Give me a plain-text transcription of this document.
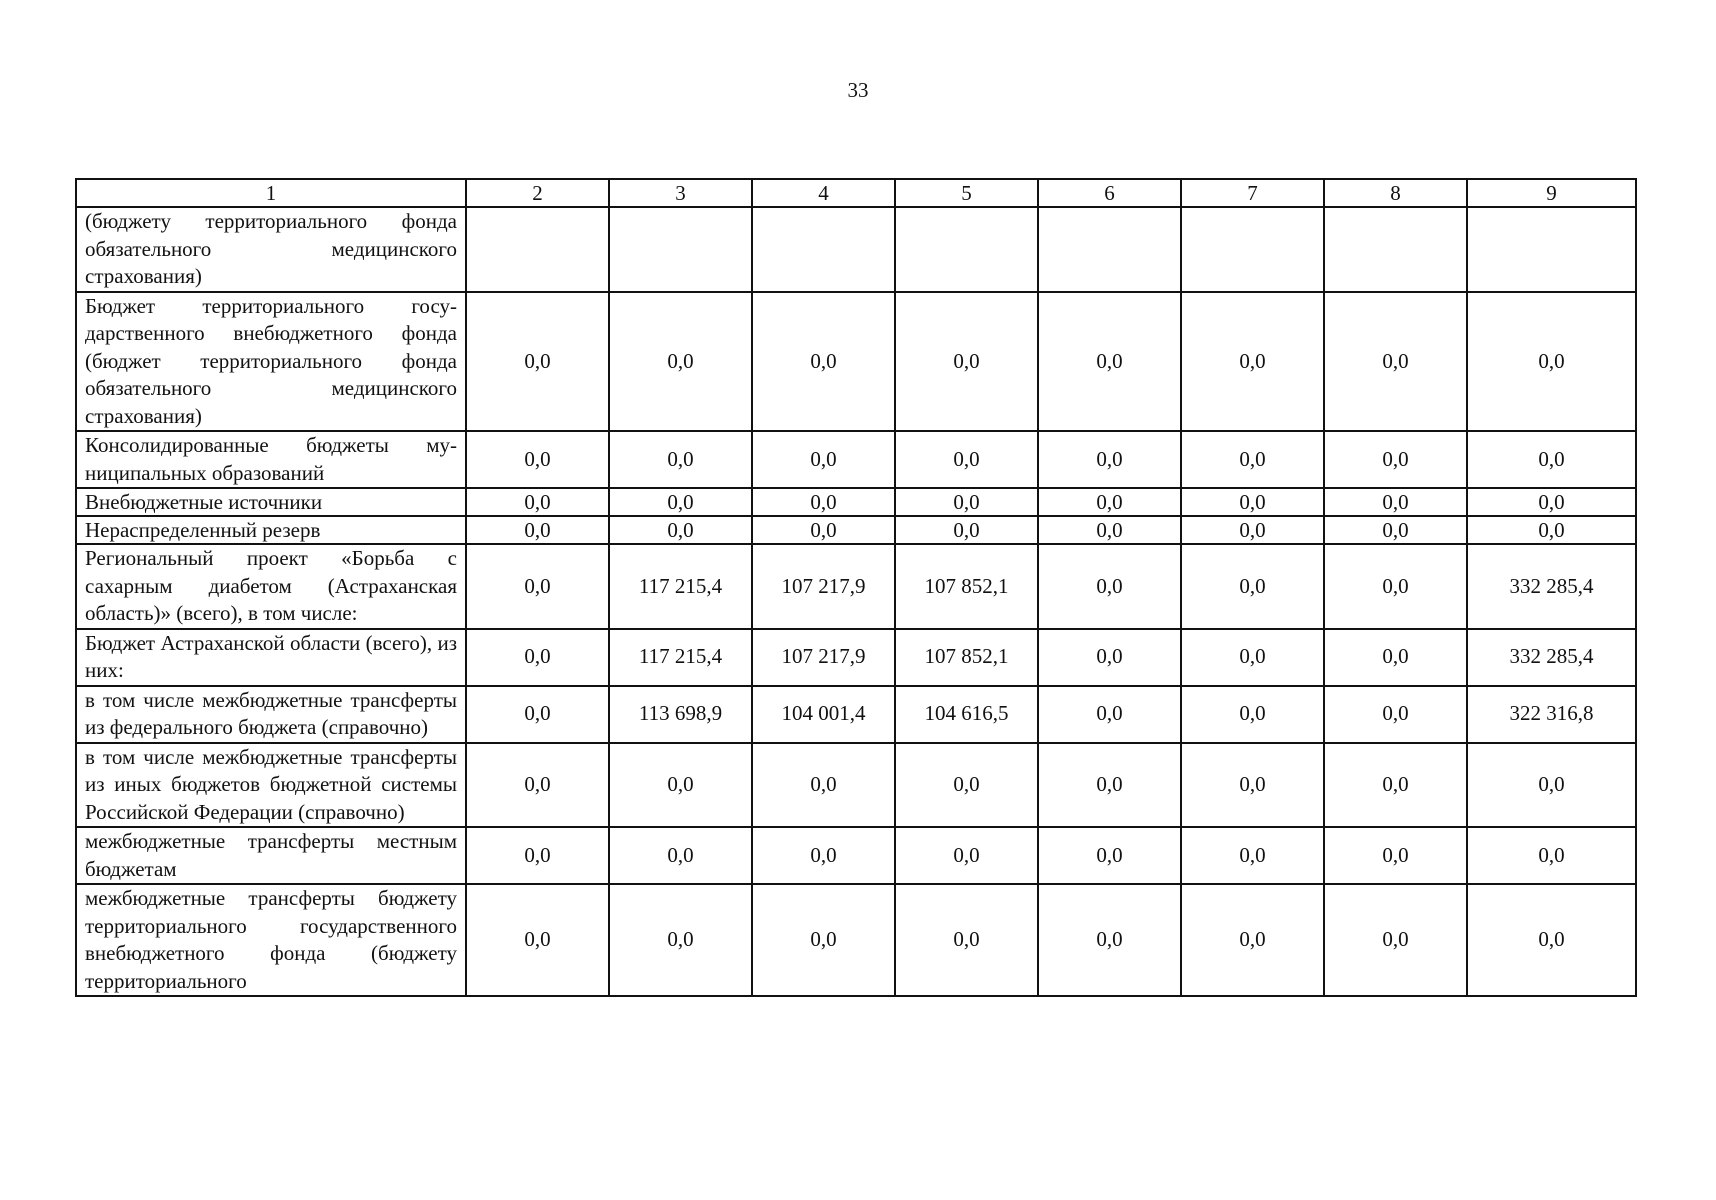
33
1	2	3	4	5	6	7	8	9
(бюджету территориального фонда обязательного медицинского страхования)								
Бюджет территориального государственного внебюджетного фонда (бюджет территориального фонда обязательного медицинского страхования)	0,0	0,0	0,0	0,0	0,0	0,0	0,0	0,0
Консолидированные бюджеты муниципальных образований	0,0	0,0	0,0	0,0	0,0	0,0	0,0	0,0
Внебюджетные источники	0,0	0,0	0,0	0,0	0,0	0,0	0,0	0,0
Нераспределенный резерв	0,0	0,0	0,0	0,0	0,0	0,0	0,0	0,0
Региональный проект «Борьба с сахарным диабетом (Астраханская область)» (всего), в том числе:	0,0	117 215,4	107 217,9	107 852,1	0,0	0,0	0,0	332 285,4
Бюджет Астраханской области (всего), из них:	0,0	117 215,4	107 217,9	107 852,1	0,0	0,0	0,0	332 285,4
в том числе межбюджетные трансферты из федерального бюджета (справочно)	0,0	113 698,9	104 001,4	104 616,5	0,0	0,0	0,0	322 316,8
в том числе межбюджетные трансферты из иных бюджетов бюджетной системы Российской Федерации (справочно)	0,0	0,0	0,0	0,0	0,0	0,0	0,0	0,0
межбюджетные трансферты местным бюджетам	0,0	0,0	0,0	0,0	0,0	0,0	0,0	0,0
межбюджетные трансферты бюджету территориального государственного внебюджетного фонда (бюджету территориального	0,0	0,0	0,0	0,0	0,0	0,0	0,0	0,0
